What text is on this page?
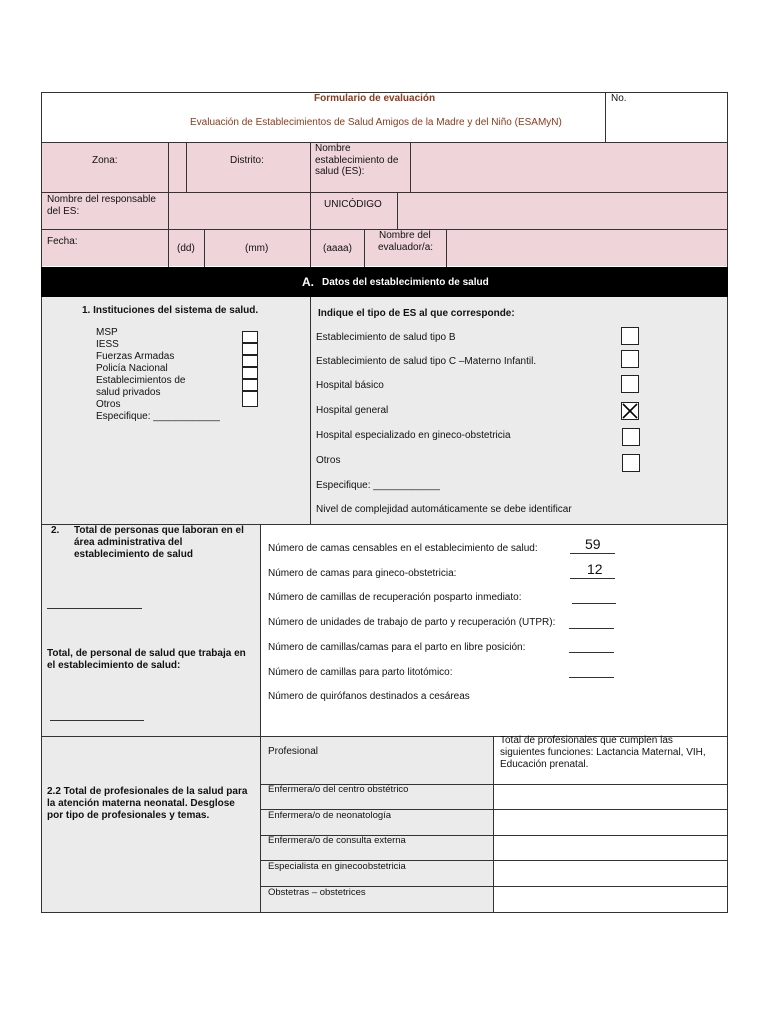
Formulario de evaluación
Evaluación de Establecimientos de Salud Amigos de la Madre y del Niño (ESAMyN)
No.
Zona:	Distrito:
Nombre
establecimiento de
salud (ES):
Nombre del responsable
del ES:
UNICÓDIGO
Fecha:
(dd)	(mm)	(aaaa)
Nombre del
evaluador/a:
A. Datos del establecimiento de salud
1. Instituciones del sistema de salud.
MSP
IESS
Fuerzas Armadas
Policía Nacional
Establecimientos de
salud privados
Otros
Especifique: ____________
Indique el tipo de ES al que corresponde:
Establecimiento de salud tipo B
Establecimiento de salud tipo C –Materno Infantil.
Hospital básico
Hospital general
Hospital especializado en gineco-obstetricia
Otros
Especifique: ____________
Nivel de complejidad automáticamente se debe identificar
2. Total de personas que laboran en el
área administrativa del
establecimiento de salud
Total, de personal de salud que trabaja en
el establecimiento de salud:
Número de camas censables en el establecimiento de salud:	59
Número de camas para gineco-obstetricia:	12
Número de camillas de recuperación posparto inmediato:
Número de unidades de trabajo de parto y recuperación (UTPR):
Número de camillas/camas para el parto en libre posición:
Número de camillas para parto litotómico:
Número de quirófanos destinados a cesáreas
2.2 Total de profesionales de la salud para
la atención materna neonatal. Desglose
por tipo de profesionales y temas.
Profesional
Total de profesionales que cumplen las
siguientes funciones: Lactancia Maternal, VIH,
Educación prenatal.
Enfermera/o del centro obstétrico
Enfermera/o de neonatología
Enfermera/o de consulta externa
Especialista en ginecoobstetricia
Obstetras – obstetrices
